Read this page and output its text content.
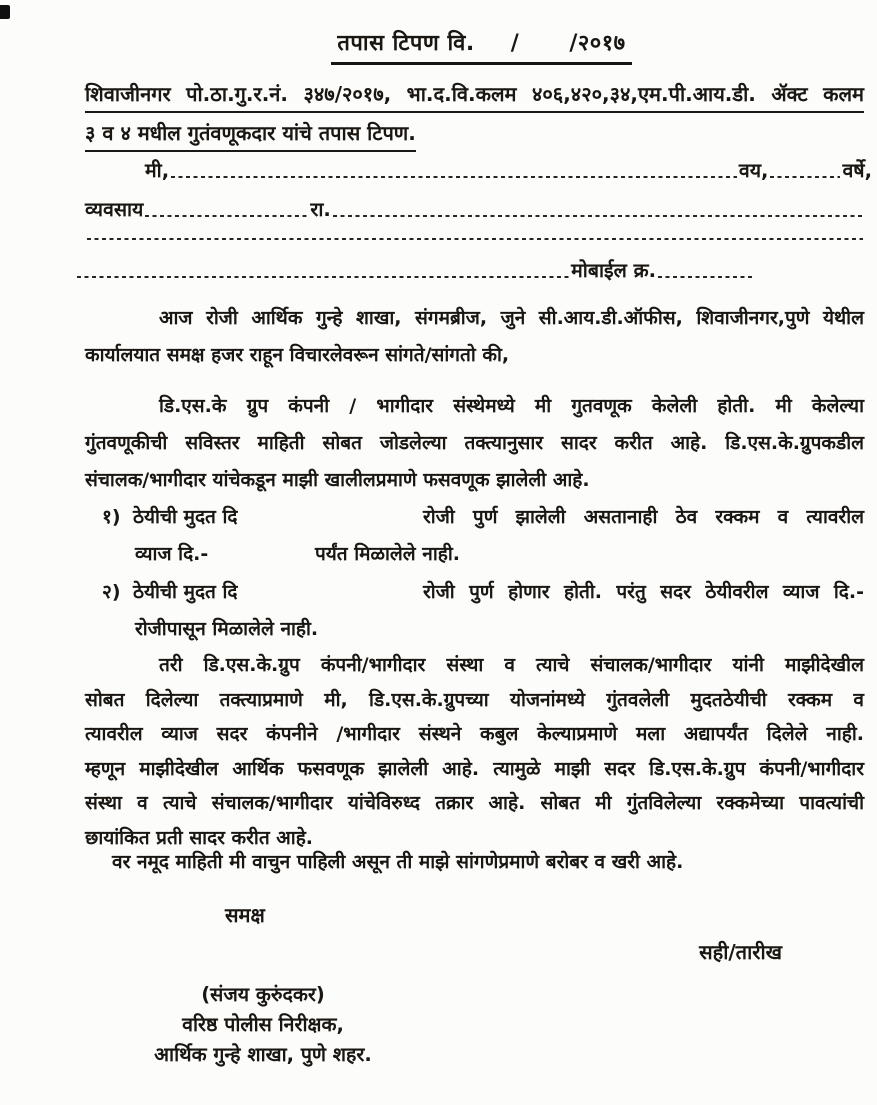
तपास टिपण वि. / /२०१७
शिवाजीनगर पो.ठा.गु.र.नं. ३४७/२०१७, भा.द.वि.कलम ४०६,४२०,३४,एम.पी.आय.डी. ॲक्ट कलम
३ व ४ मधील गुतंवणूकदार यांचे तपास टिपण.
मी,	वय,	वर्षे,
व्यवसाय	रा.
मोबाईल क्र.
आज रोजी आर्थिक गुन्हे शाखा, संगमब्रीज, जुने सी.आय.डी.ऑफीस, शिवाजीनगर,पुणे येथील
कार्यालयात समक्ष हजर राहून विचारलेवरून सांगते/सांगतो की,
डि.एस.के ग्रुप कंपनी / भागीदार संस्थेमध्ये मी गुतवणूक केलेली होती. मी केलेल्या
गुंतवणूकीची सविस्तर माहिती सोबत जोडलेल्या तक्त्यानुसार सादर करीत आहे. डि.एस.के.ग्रुपकडील
संचालक/भागीदार यांचेकडून माझी खालीलप्रमाणे फसवणूक झालेली आहे.
१) ठेयीची मुदत दि	रोजी पुर्ण झालेली असतानाही ठेव रक्कम व त्यावरील
व्याज दि.-	पर्यंत मिळालेले नाही.
२) ठेयीची मुदत दि	रोजी पुर्ण होणार होती. परंतु सदर ठेयीवरील व्याज दि.-
रोजीपासून मिळालेले नाही.
तरी डि.एस.के.ग्रुप कंपनी/भागीदार संस्था व त्याचे संचालक/भागीदार यांनी माझीदेखील
सोबत दिलेल्या तक्त्याप्रमाणे मी, डि.एस.के.ग्रुपच्या योजनांमध्ये गुंतवलेली मुदतठेयीची रक्कम व
त्यावरील व्याज सदर कंपनीने /भागीदार संस्थने कबुल केल्याप्रमाणे मला अद्यापर्यंत दिलेले नाही.
म्हणून माझीदेखील आर्थिक फसवणूक झालेली आहे. त्यामुळे माझी सदर डि.एस.के.ग्रुप कंपनी/भागीदार
संस्था व त्याचे संचालक/भागीदार यांचेविरुध्द तक्रार आहे. सोबत मी गुंतविलेल्या रक्कमेच्या पावत्यांची
छायांकित प्रती सादर करीत आहे.
वर नमूद माहिती मी वाचुन पाहिली असून ती माझे सांगणेप्रमाणे बरोबर व खरी आहे.
समक्ष
सही/तारीख
(संजय कुरुंदकर)
वरिष्ठ पोलीस निरीक्षक,
आर्थिक गुन्हे शाखा, पुणे शहर.
